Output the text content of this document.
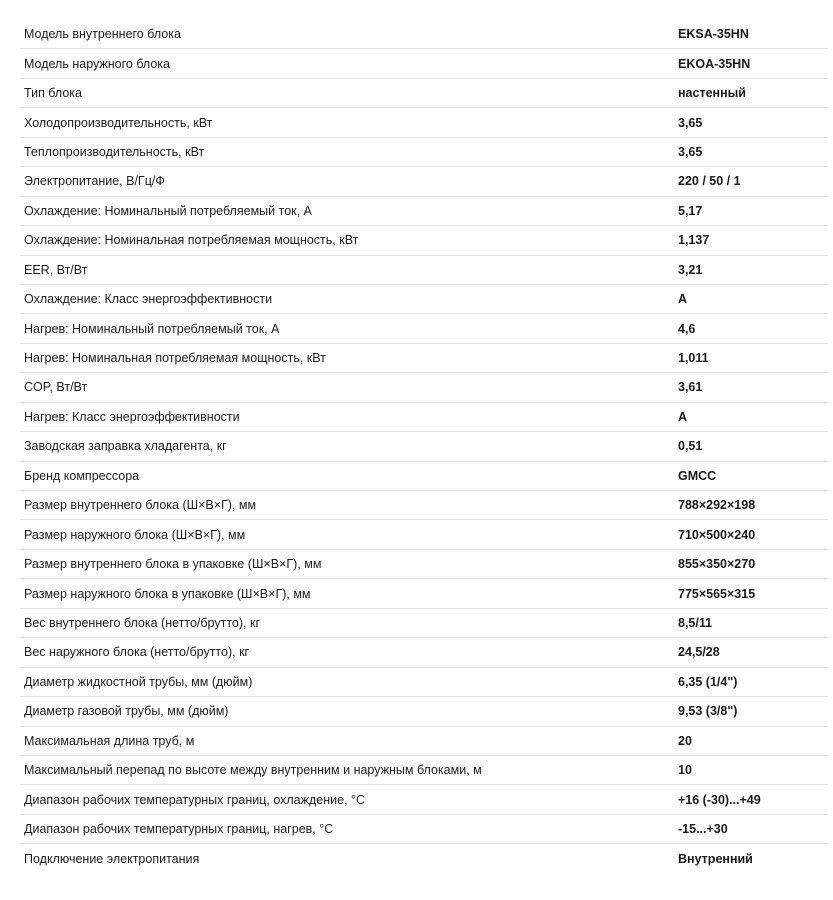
Модель внутреннего блока	EKSA-35HN
Модель наружного блока	EKOA-35HN
Тип блока	настенный
Холодопроизводительность, кВт	3,65
Теплопроизводительность, кВт	3,65
Электропитание, В/Гц/Ф	220 / 50 / 1
Охлаждение: Номинальный потребляемый ток, А	5,17
Охлаждение: Номинальная потребляемая мощность, кВт	1,137
EER, Вт/Вт	3,21
Охлаждение: Класс энергоэффективности	A
Нагрев: Номинальный потребляемый ток, А	4,6
Нагрев: Номинальная потребляемая мощность, кВт	1,011
COP, Вт/Вт	3,61
Нагрев: Класс энергоэффективности	A
Заводская заправка хладагента, кг	0,51
Бренд компрессора	GMCC
Размер внутреннего блока (Ш×В×Г), мм	788×292×198
Размер наружного блока (Ш×В×Г), мм	710×500×240
Размер внутреннего блока в упаковке (Ш×В×Г), мм	855×350×270
Размер наружного блока в упаковке (Ш×В×Г), мм	775×565×315
Вес внутреннего блока (нетто/брутто), кг	8,5/11
Вес наружного блока (нетто/брутто), кг	24,5/28
Диаметр жидкостной трубы, мм (дюйм)	6,35 (1/4")
Диаметр газовой трубы, мм (дюйм)	9,53 (3/8")
Максимальная длина труб, м	20
Максимальный перепад по высоте между внутренним и наружным блоками, м	10
Диапазон рабочих температурных границ, охлаждение, °С	+16 (-30)...+49
Диапазон рабочих температурных границ, нагрев, °С	-15...+30
Подключение электропитания	Внутренний
